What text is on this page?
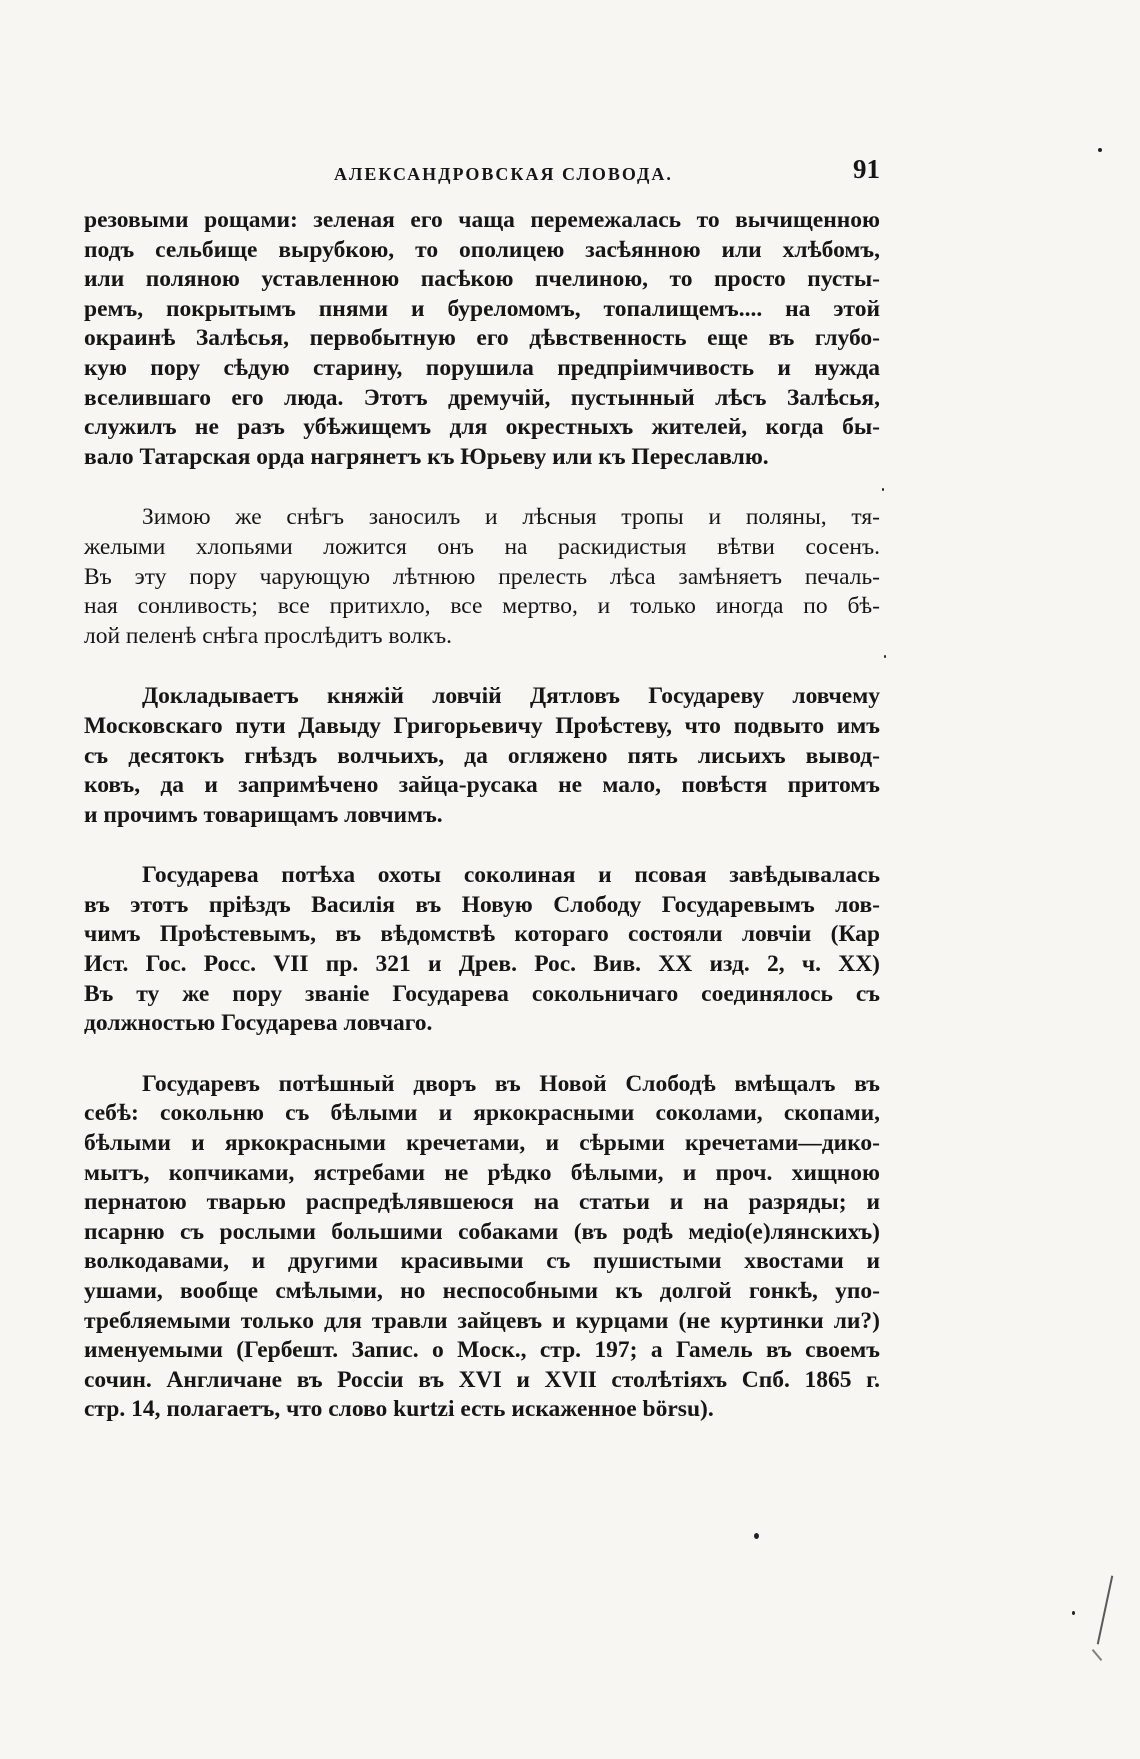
АЛЕКСАНДРОВСКАЯ СЛОВОДА.	91
резовыми рощами: зеленая его чаща перемежалась то вычищенною
подъ сельбище вырубкою, то ополицею засѣянною или хлѣбомъ,
или поляною уставленною пасѣкою пчелиною, то просто пусты-
ремъ, покрытымъ пнями и буреломомъ, топалищемъ.... на этой
окраинѣ Залѣсья, первобытную его дѣвственность еще въ глубо-
кую пору сѣдую старину, порушила предпрiимчивость и нужда
вселившаго его люда. Этотъ дремучiй, пустынный лѣсъ Залѣсья,
служилъ не разъ убѣжищемъ для окрестныхъ жителей, когда бы-
вало Татарская орда нагрянетъ къ Юрьеву или къ Переславлю.
Зимою же снѣгъ заносилъ и лѣсныя тропы и поляны, тя-
желыми хлопьями ложится онъ на раскидистыя вѣтви сосенъ.
Въ эту пору чарующую лѣтнюю прелесть лѣса замѣняетъ печаль-
ная сонливость; все притихло, все мертво, и только иногда по бѣ-
лой пеленѣ снѣга прослѣдитъ волкъ.
Докладываетъ княжiй ловчiй Дятловъ Государеву ловчему
Московскаго пути Давыду Григорьевичу Проѣстеву, что подвыто имъ
съ десятокъ гнѣздъ волчьихъ, да огляжено пять лисьихъ вывод-
ковъ, да и запримѣчено зайца-русака не мало, повѣстя притомъ
и прочимъ товарищамъ ловчимъ.
Государева потѣха охоты соколиная и псовая завѣдывалась
въ этотъ прiѣздъ Василiя въ Новую Слободу Государевымъ лов-
чимъ Проѣстевымъ, въ вѣдомствѣ котораго состояли ловчiи (Кар
Ист. Гос. Росс. VII пр. 321 и Древ. Рос. Вив. XX изд. 2, ч. XX)
Въ ту же пору званiе Государева сокольничаго соединялось съ
должностью Государева ловчаго.
Государевъ потѣшный дворъ въ Новой Слободѣ вмѣщалъ въ
себѣ: сокольню съ бѣлыми и яркокрасными соколами, скопами,
бѣлыми и яркокрасными кречетами, и сѣрыми кречетами—дико-
мытъ, копчиками, ястребами не рѣдко бѣлыми, и проч. хищною
пернатою тварью распредѣлявшеюся на статьи и на разряды; и
псарню съ рослыми большими собаками (въ родѣ медiо(е)лянскихъ)
волкодавами, и другими красивыми съ пушистыми хвостами и
ушами, вообще смѣлыми, но неспособными къ долгой гонкѣ, упо-
требляемыми только для травли зайцевъ и курцами (не куртинки ли?)
именуемыми (Гербешт. Запис. о Моск., стр. 197; а Гамель въ своемъ
сочин. Англичане въ Россiи въ XVI и XVII столѣтiяхъ Спб. 1865 г.
стр. 14, полагаетъ, что слово kurtzi есть искаженное börsu).
